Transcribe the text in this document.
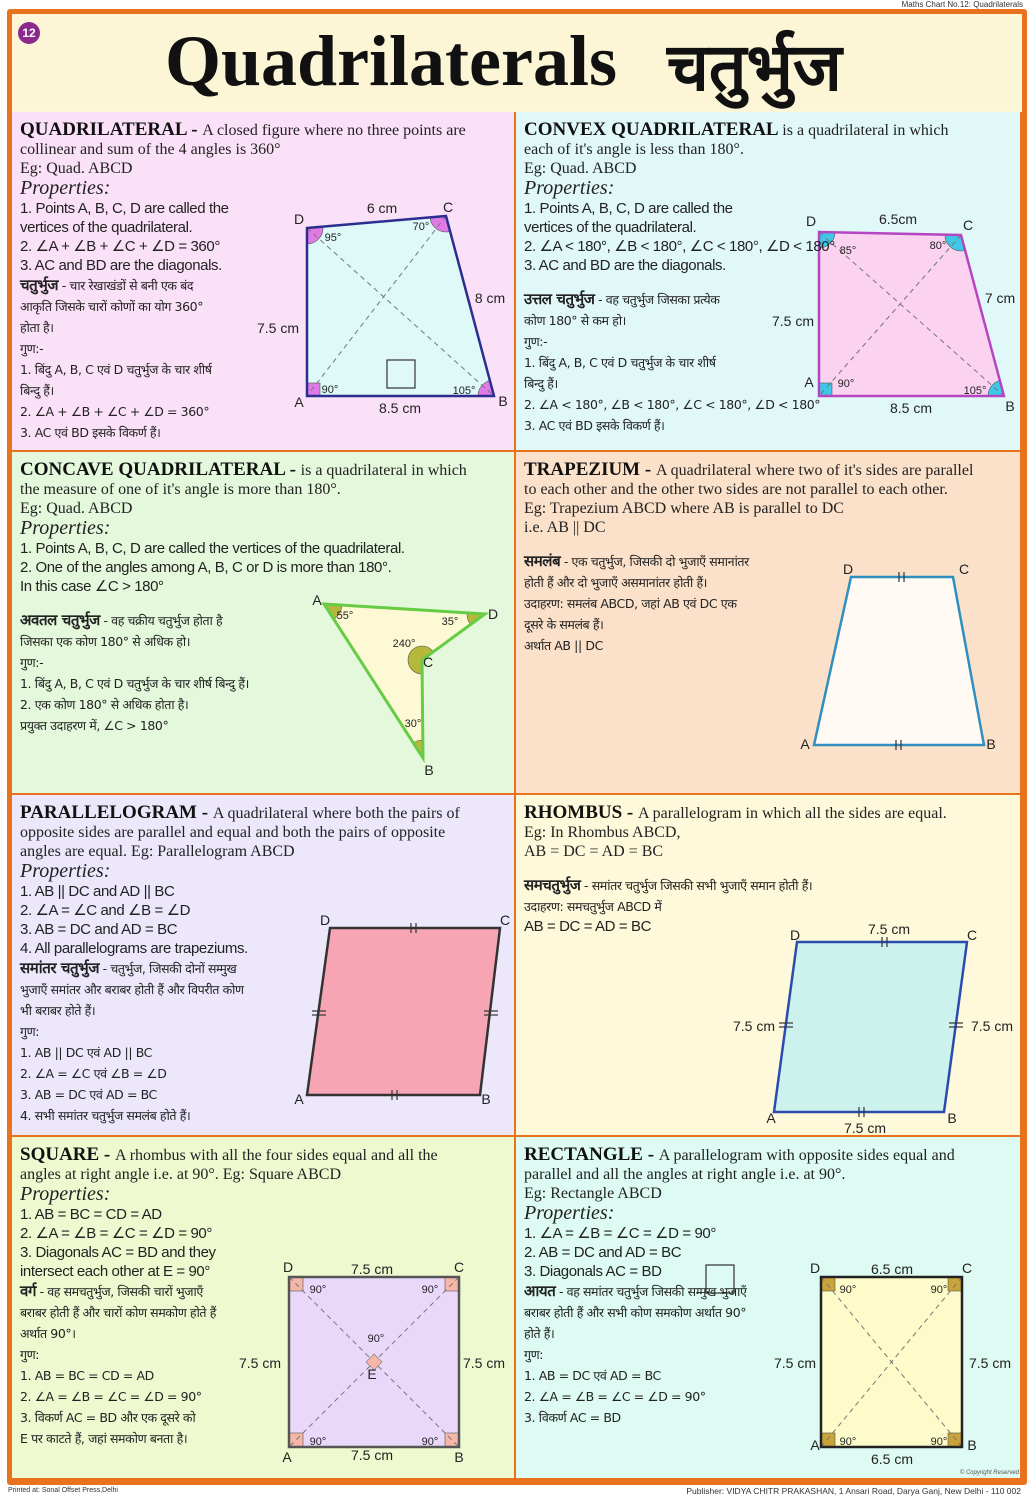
Maths Chart No.12: Quadrilaterals
12 Quadrilaterals चतुर्भुज
D
C
A	B
6 cm
8 cm
7.5 cm
8.5 cm
95°
70°
90°	105°
QUADRILATERAL - A closed figure where no three points are
collinear and sum of the 4 angles is 360°
Eg: Quad. ABCD
Properties:
1. Points A, B, C, D are called the
vertices of the quadrilateral.
2. ∠A + ∠B + ∠C + ∠D = 360°
3. AC and BD are the diagonals.
चतुर्भुज - चार रेखाखंडों से बनी एक बंद
आकृति जिसके चारों कोणों का योग 360°
होता है।
गुण:-
1. बिंदु A, B, C एवं D चतुर्भुज के चार शीर्ष
बिन्दु हैं।
2. ∠A + ∠B + ∠C + ∠D = 360°
3. AC एवं BD इसके विकर्ण हैं।
D	C
A
B
6.5cm
7 cm
7.5 cm
8.5 cm
85°	80°
90°
105°
CONVEX QUADRILATERAL is a quadrilateral in which
each of it's angle is less than 180°.
Eg: Quad. ABCD
Properties:
1. Points A, B, C, D are called the
vertices of the quadrilateral.
2. ∠A < 180°, ∠B < 180°, ∠C < 180°, ∠D < 180°
3. AC and BD are the diagonals.
उत्तल चतुर्भुज - वह चतुर्भुज जिसका प्रत्येक
कोण 180° से कम हो।
गुण:-
1. बिंदु A, B, C एवं D चतुर्भुज के चार शीर्ष
बिन्दु हैं।
2. ∠A < 180°, ∠B < 180°, ∠C < 180°, ∠D < 180°
3. AC एवं BD इसके विकर्ण हैं।
A
D
C
B
55°	35°
240°
30°
CONCAVE QUADRILATERAL - is a quadrilateral in which
the measure of one of it's angle is more than 180°.
Eg: Quad. ABCD
Properties:
1. Points A, B, C, D are called the vertices of the quadrilateral.
2. One of the angles among A, B, C or D is more than 180°.
In this case ∠C > 180°
अवतल चतुर्भुज - वह चक्रीय चतुर्भुज होता है
जिसका एक कोण 180° से अधिक हो।
गुण:-
1. बिंदु A, B, C एवं D चतुर्भुज के चार शीर्ष बिन्दु हैं।
2. एक कोण 180° से अधिक होता है।
प्रयुक्त उदाहरण में, ∠C > 180°
D	C
A	B
TRAPEZIUM - A quadrilateral where two of it's sides are parallel
to each other and the other two sides are not parallel to each other.
Eg: Trapezium ABCD where AB is parallel to DC
i.e. AB || DC
समलंब - एक चतुर्भुज, जिसकी दो भुजाएँ समानांतर
होती हैं और दो भुजाएँ असमानांतर होती हैं।
उदाहरण: समलंब ABCD, जहां AB एवं DC एक
दूसरे के समलंब हैं।
अर्थात AB || DC
D	C
A	B
PARALLELOGRAM - A quadrilateral where both the pairs of
opposite sides are parallel and equal and both the pairs of opposite
angles are equal. Eg: Parallelogram ABCD
Properties:
1. AB || DC and AD || BC
2. ∠A = ∠C and ∠B = ∠D
3. AB = DC and AD = BC
4. All parallelograms are trapeziums.
समांतर चतुर्भुज - चतुर्भुज, जिसकी दोनों सम्मुख
भुजाएँ समांतर और बराबर होती हैं और विपरीत कोण
भी बराबर होते हैं।
गुण:
1. AB || DC एवं AD || BC
2. ∠A = ∠C एवं ∠B = ∠D
3. AB = DC एवं AD = BC
4. सभी समांतर चतुर्भुज समलंब होते हैं।
D	C
A	B
7.5 cm
7.5 cm	7.5 cm
7.5 cm
RHOMBUS - A parallelogram in which all the sides are equal.
Eg: In Rhombus ABCD,
AB = DC = AD = BC
समचतुर्भुज - समांतर चतुर्भुज जिसकी सभी भुजाएँ समान होती हैं।
उदाहरण: समचतुर्भुज ABCD में
AB = DC = AD = BC
D	C
A	B
7.5 cm
7.5 cm	7.5 cm
7.5 cm
90°	90°
90°	90°
90°
E
SQUARE - A rhombus with all the four sides equal and all the
angles at right angle i.e. at 90°. Eg: Square ABCD
Properties:
1. AB = BC = CD = AD
2. ∠A = ∠B = ∠C = ∠D = 90°
3. Diagonals AC = BD and they
intersect each other at E = 90°
वर्ग - वह समचतुर्भुज, जिसकी चारों भुजाएँ
बराबर होती हैं और चारों कोण समकोण होते हैं
अर्थात 90°।
गुण:
1. AB = BC = CD = AD
2. ∠A = ∠B = ∠C = ∠D = 90°
3. विकर्ण AC = BD और एक दूसरे को
E पर काटते हैं, जहां समकोण बनता है।
D	C
A	B
6.5 cm
7.5 cm	7.5 cm
6.5 cm
90°	90°
90°	90°
RECTANGLE - A parallelogram with opposite sides equal and
parallel and all the angles at right angle i.e. at 90°.
Eg: Rectangle ABCD
Properties:
1. ∠A = ∠B = ∠C = ∠D = 90°
2. AB = DC and AD = BC
3. Diagonals AC = BD
आयत - वह समांतर चतुर्भुज जिसकी सम्मुख भुजाएँ
बराबर होती हैं और सभी कोण समकोण अर्थात 90°
होते हैं।
गुण:
1. AB = DC एवं AD = BC
2. ∠A = ∠B = ∠C = ∠D = 90°
3. विकर्ण AC = BD
© Copyright Reserved
Printed at: Sonal Offset Press,Delhi	Publisher: VIDYA CHITR PRAKASHAN, 1 Ansari Road, Darya Ganj, New Delhi - 110 002
